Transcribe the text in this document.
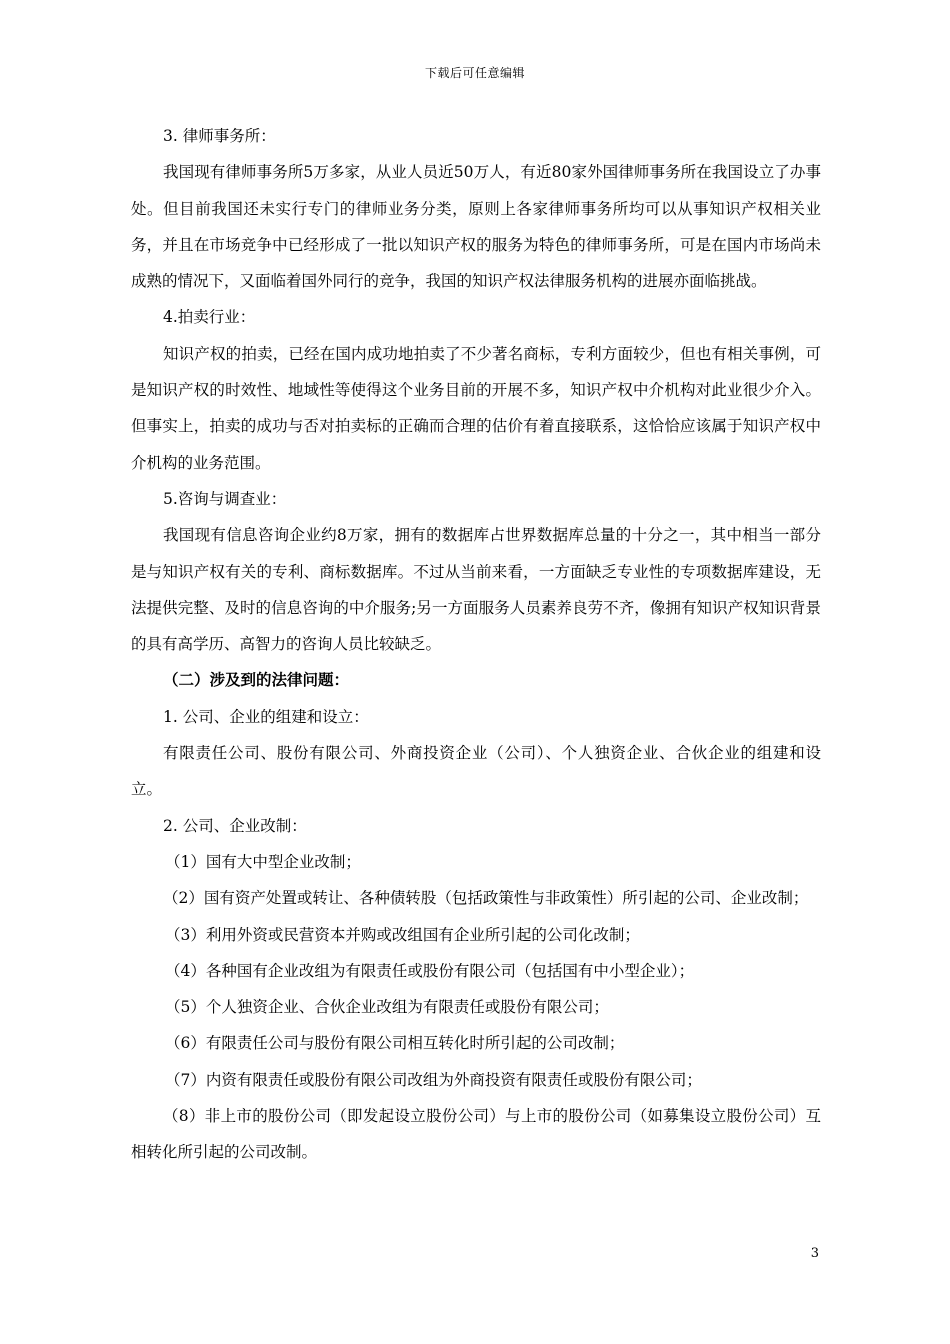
下载后可任意编辑

3. 律师事务所：

我国现有律师事务所5万多家，从业人员近50万人，有近80家外国律师事务所在我国设立了办事处。但目前我国还未实行专门的律师业务分类，原则上各家律师事务所均可以从事知识产权相关业务，并且在市场竞争中已经形成了一批以知识产权的服务为特色的律师事务所，可是在国内市场尚未成熟的情况下，又面临着国外同行的竞争，我国的知识产权法律服务机构的进展亦面临挑战。

4.拍卖行业：

知识产权的拍卖，已经在国内成功地拍卖了不少著名商标，专利方面较少，但也有相关事例，可是知识产权的时效性、地域性等使得这个业务目前的开展不多，知识产权中介机构对此业很少介入。但事实上，拍卖的成功与否对拍卖标的正确而合理的估价有着直接联系，这恰恰应该属于知识产权中介机构的业务范围。

5.咨询与调查业：

我国现有信息咨询企业约8万家，拥有的数据库占世界数据库总量的十分之一，其中相当一部分是与知识产权有关的专利、商标数据库。不过从当前来看，一方面缺乏专业性的专项数据库建设，无法提供完整、及时的信息咨询的中介服务;另一方面服务人员素养良劳不齐，像拥有知识产权知识背景的具有高学历、高智力的咨询人员比较缺乏。

（二）涉及到的法律问题：

1. 公司、企业的组建和设立：

有限责任公司、股份有限公司、外商投资企业（公司）、个人独资企业、合伙企业的组建和设立。

2. 公司、企业改制：

（1）国有大中型企业改制；

（2）国有资产处置或转让、各种债转股（包括政策性与非政策性）所引起的公司、企业改制；

（3）利用外资或民营资本并购或改组国有企业所引起的公司化改制；

（4）各种国有企业改组为有限责任或股份有限公司（包括国有中小型企业）；

（5）个人独资企业、合伙企业改组为有限责任或股份有限公司；

（6）有限责任公司与股份有限公司相互转化时所引起的公司改制；

（7）内资有限责任或股份有限公司改组为外商投资有限责任或股份有限公司；

（8）非上市的股份公司（即发起设立股份公司）与上市的股份公司（如募集设立股份公司）互相转化所引起的公司改制。

3
